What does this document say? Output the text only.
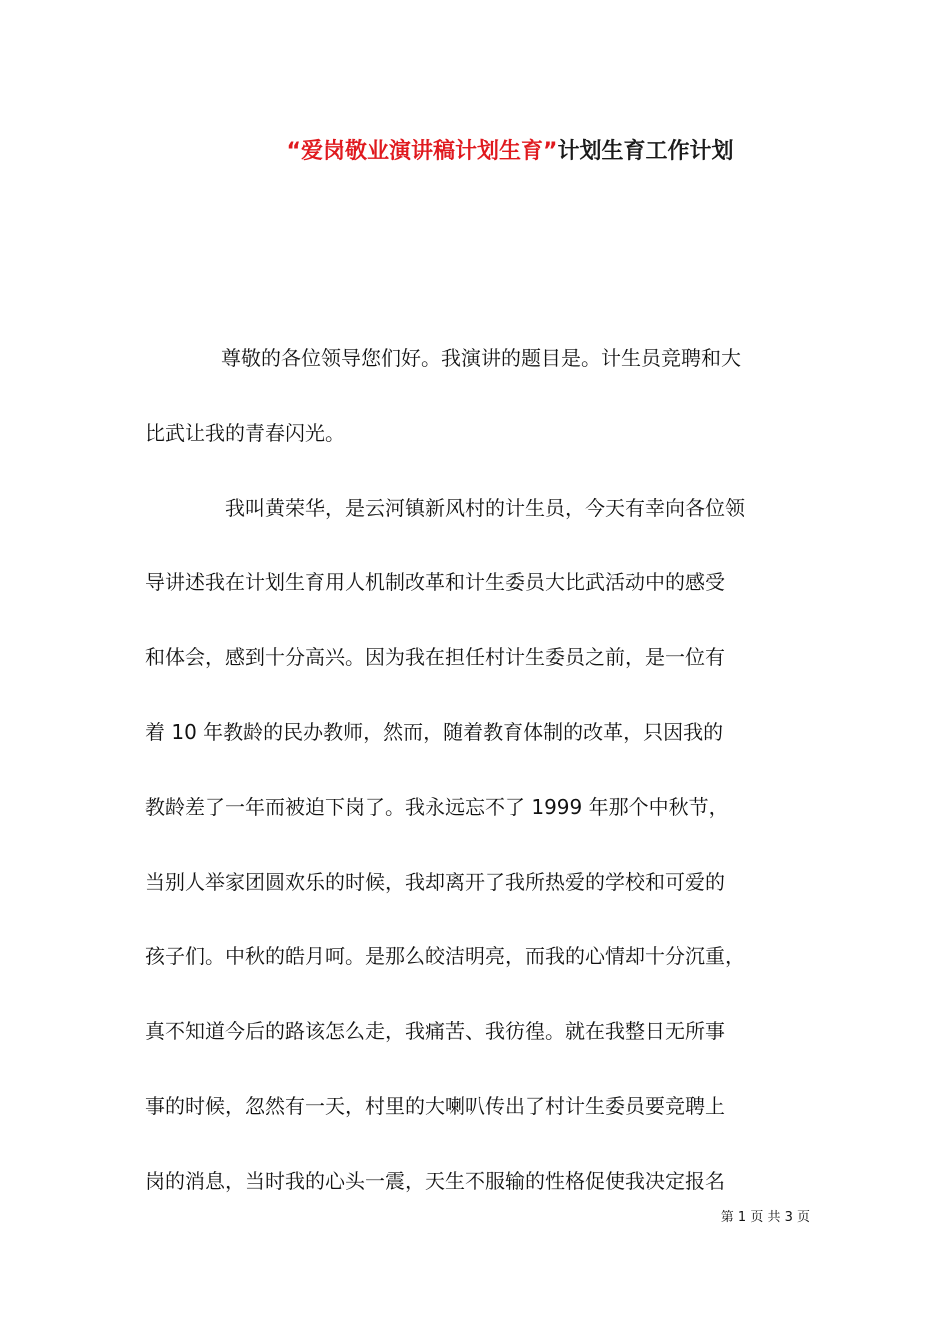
“爱岗敬业演讲稿计划生育”计划生育工作计划
尊敬的各位领导您们好。我演讲的题目是。计生员竞聘和大
比武让我的青春闪光。
我叫黄荣华，是云河镇新风村的计生员，今天有幸向各位领
导讲述我在计划生育用人机制改革和计生委员大比武活动中的感受
和体会，感到十分高兴。因为我在担任村计生委员之前，是一位有
着 10 年教龄的民办教师，然而，随着教育体制的改革，只因我的
教龄差了一年而被迫下岗了。我永远忘不了 1999 年那个中秋节，
当别人举家团圆欢乐的时候，我却离开了我所热爱的学校和可爱的
孩子们。中秋的皓月呵。是那么皎洁明亮，而我的心情却十分沉重，
真不知道今后的路该怎么走，我痛苦、我彷徨。就在我整日无所事
事的时候，忽然有一天，村里的大喇叭传出了村计生委员要竞聘上
岗的消息，当时我的心头一震，天生不服输的性格促使我决定报名
第 1 页 共 3 页
